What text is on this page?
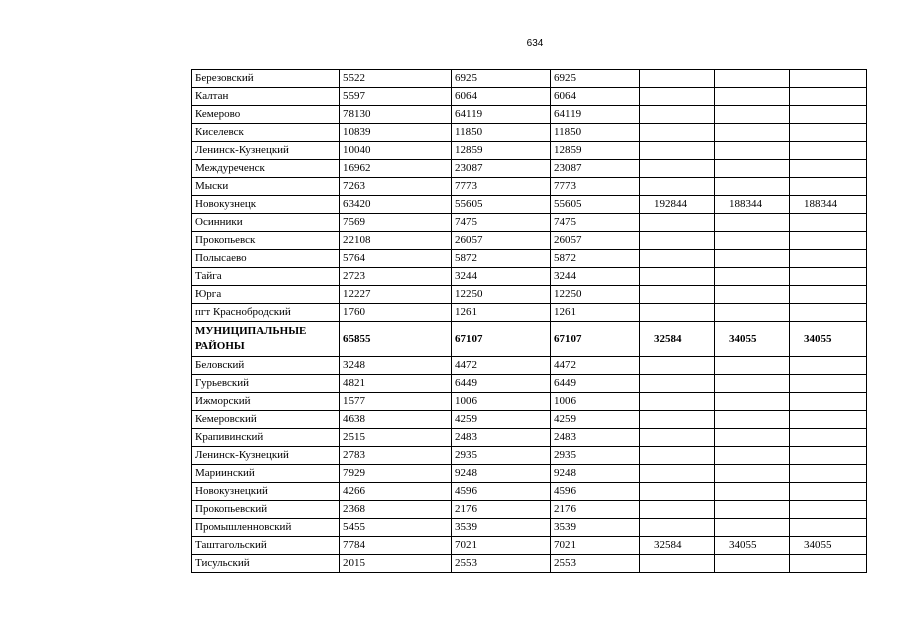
634
Березовский	5522	6925	6925			
Калтан	5597	6064	6064			
Кемерово	78130	64119	64119			
Киселевск	10839	11850	11850			
Ленинск-Кузнецкий	10040	12859	12859			
Междуреченск	16962	23087	23087			
Мыски	7263	7773	7773			
Новокузнецк	63420	55605	55605	192844	188344	188344
Осинники	7569	7475	7475			
Прокопьевск	22108	26057	26057			
Полысаево	5764	5872	5872			
Тайга	2723	3244	3244			
Юрга	12227	12250	12250			
пгт Краснобродский	1760	1261	1261			
МУНИЦИПАЛЬНЫЕ РАЙОНЫ	65855	67107	67107	32584	34055	34055
Беловский	3248	4472	4472			
Гурьевский	4821	6449	6449			
Ижморский	1577	1006	1006			
Кемеровский	4638	4259	4259			
Крапивинский	2515	2483	2483			
Ленинск-Кузнецкий	2783	2935	2935			
Мариинский	7929	9248	9248			
Новокузнецкий	4266	4596	4596			
Прокопьевский	2368	2176	2176			
Промышленновский	5455	3539	3539			
Таштагольский	7784	7021	7021	32584	34055	34055
Тисульский	2015	2553	2553			
